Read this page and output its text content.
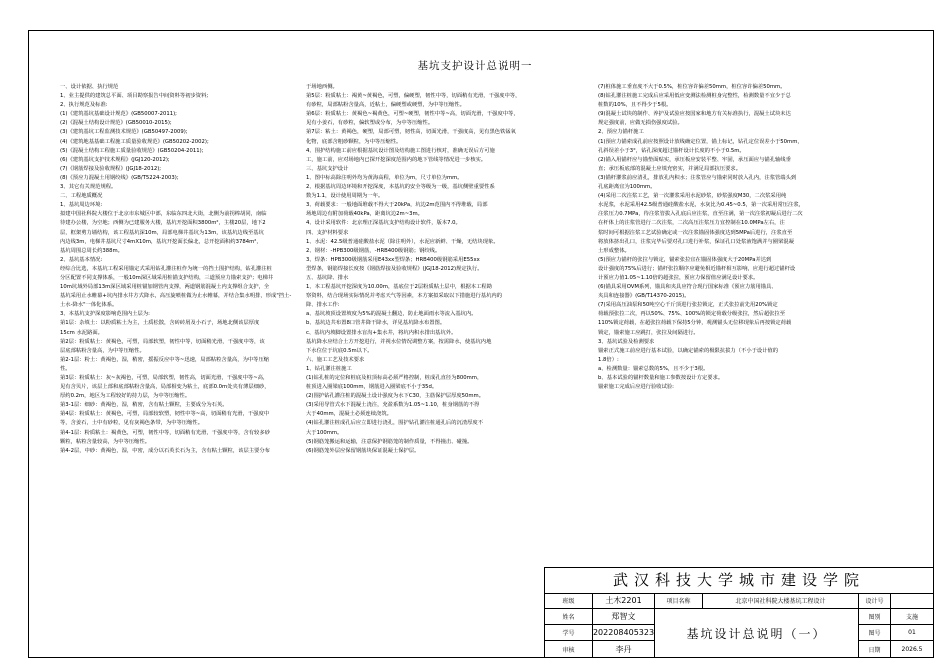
基坑支护设计总说明一

一、设计依据、执行规范

1、业主提供的建筑总平面、项目勘察报告中间资料等初步资料;

2、执行规范及标准:

(1)《建筑基坑基础设计规范》(GB50007-2011);

(2)《混凝土结构设计规范》(GB50010-2015);

(3)《建筑基坑工程监测技术规范》(GB50497-2009);

(4)《建筑地基基础工程施工质量验收规范》(GB50202-2002);

(5)《混凝土结构工程施工质量验收规范》(GB50204-2011);

(6)《建筑基坑支护技术规程》(JGJ120-2012);

(7)《钢筋焊接及验收规程》(JGJ18-2012);

(8)《预应力混凝土用钢绞线》(GB/T5224-2003);

3、其它有关规范规程。

二、工程地质概况

1、基坑周边环境:

拟建中国社科院大楼位于北京市东城区中部，东临东四北大街，北侧为前拐棒胡同，南临

待建办公楼，为空地；西侧为已建服务大楼，基坑开挖面积3800m²，主楼20层，地下2

层，框架剪力墙结构，该工程基坑深10m，局部电梯井基坑为13m，该基坑边线至基坑

内边线3m，电梯井基坑尺寸4mX10m，基坑开挖面长偏北，总开挖面积约3784m²，

基坑周围总周长约388m。

2、基坑基本情况:

经综合比选，本基坑工程采用锚定式采用钻孔灌注桩作为统一的挡土围护结构，钻孔灌注桩

分区配置不同支撑体系，一般10m深区域采用桩锚支护结构，三道预应力锚索支护；电梯井

10m坑域外局部13m深区域采用桩锚加钢管内支撑，两道钢筋混凝土内支撑组合支护，全

基坑采用止水帷幕+坑内排水井方式降水，高压旋喷桩做为止水帷幕，并结合集水明排，形成"挡土-

土水-降水"一体化体系。

3、本基坑支护深度影响范围内土层为:

第1层：杂填土：以粉质粘土为主，土质松散，含砖砖屑及小石子，场地北侧该层厚度

15cm 水泥路面。

第2层：粉质粘土：黄褐色，可塑，局部软塑，韧性中等，切面稍光滑，干强度中等，该

层底部粘粉含量高，为中等压缩性。

第2-1层：粉土：黄褐色，湿，稍密，摇振反应中等~迅速，局部粘粒含量高，为中等压缩

性。

第3层：粉质粘土：灰~灰褐色，可塑，局部软塑，韧性高，切面光滑，干强度中等~高，

见有含贝片，该层上部和底部粘粉含量高，局部相变为粘土，底部0.0m处夹有薄层细砂，

厚约0.2m，地区为工程较好的持力层，为中等压缩性。

第3-1层：细砂：黄褐色，湿，稍密，含有粘土颗粒，主要成分为石英。

第4层：粉质粘土：黄褐色，可塑，局部较软塑，韧性中等~高，切面稍有光滑，干强度中

等，含姜石，土中有砂粒，见有灰褐色条带，为中等压缩性。

第4-1层：粉质粘土：褐黄色，可塑，韧性中等，切面稍有光滑，干强度中等，含有较多砂

颗粒，粘粒含量较高，为中等压缩性。

第4-2层，中砂：黄褐色，湿，中密，成分以石英长石为主，含有粘土颗粒，该层主要分布

于场地西侧。

第5层：粉质粘土：褐黄~黄褐色，可塑，偏硬塑，韧性中等，切面稍有光滑，干强度中等，

有砂粒，局部粘粉含量高，近粘土，偏硬塑或硬塑，为中等压缩性。

第6层：粉质粘土：黄褐色~褐黄色，可塑~硬塑，韧性中等~高，切面光滑，干强度中等，

见有小姜石，有砂粒，偏软塑或分布，为中等压缩性。

第7层：粘土：黄褐色，硬塑，局部可塑，韧性高，切面光滑，干强度高，见有黑色铁锰氧

化物，底部含粗砂颗粒，为中等压缩性。

4、围护结构施工前应根据基坑设计图及结构施工图进行核对，准确无误后方可施

工，施工前，应对场地内已探开挖深度范围内的地下管线等情况进一步核实。

三、基坑支护设计

1、图中标高除注明外均为黄海高程，单位为m，尺寸单位为mm。

2、根据基坑周边环境和开挖深度，本基坑的安全等级为一级，基坑侧壁重要性系

数为1.1，设计使用周期为一年。

3、荷载要求：一般地面堆载不得大于20kPa，坑边2m范围内不得堆载，局部

场地周边有附加荷载40kPa，距离坑边2m~3m。

4、设计采用软件：北京理正深基坑支护结构设计软件，版本7.0。

四、支护材料要求

1、水泥：42.5级普通硅酸盐水泥（除注明外），水泥应新鲜、干燥，无结块现象。

2、钢材：-HPB300级钢筋，-HRB400级钢筋；钢绞线。

3、焊条：HPB300级钢筋采用E43xx型焊条；HRB400级钢筋采用E55xx

型焊条，钢筋焊接长度按《钢筋焊接及验收规程》(JGJ18-2012)规定执行。

五、基坑降、排水

1、本工程基坑开挖深度为10.00m，基底位于2层粉质粘土层中，根据本工程勘

察资料，结合现场实际情况并考虑天气等因素，本方案拟采取以下措施进行基坑内的

降、排水工作:

a、基坑坡顶设置坡度为5%的混凝土翻边，防止地面雨水等流入基坑内。

b、基坑边共布置8口管井降干降水，详见基坑降水布置图。

c、基坑内坡脚设置排水盲沟+集水井，将坑内积水排出基坑外。

基坑降水应结合土方开挖进行，并视水位情况调整方案，按需降水，使基坑内地

下水位位于坑底0.5m以下。

六、施工工艺及技术要求

1、钻孔灌注桩施工

(1)钻孔桩的定位和桩底及桩顶标高必须严格控制，桩成孔直径为800mm，

桩顶进入圈梁底100mm，钢筋进入圈梁底不小于35d。

(2)围护钻孔灌注桩的混凝土设计强度为水下C30，主筋保护层厚度50mm。

(3)采用导管式水下混凝土浇注，充盈系数为1.05~1.10，桩身钢筋的不得

大于40mm，混凝土必须连续浇筑。

(4)钻孔灌注桩成孔后应立即进行浇孔，围护钻孔灌注桩通孔后的沉渣厚度不

大于100mm。

(5)钢筋笼搬运和运输，注意保护钢筋笼的制作质量，不得撞击、碰撞。

(6)钢筋笼外层应保留钢筋块保证混凝土保护层。

(7)桩体施工垂直度不大于0.5%，桩位容许偏差50mm，桩位容许偏差50mm。

(8)钻孔灌注桩施工完成后应采用低应变测法检测桩身完整性，检测数量不宜少于总

桩数的10%，且不得少于5根。

(9)混凝土试块的制作、养护及试验应按国家和地方有关标准执行，混凝土试块未达

规定强度前，应做无损伤强度试验。

2、预应力锚杆施工

(1)预应力锚索成孔前应按照设计放线确定位置，锚上标记，钻孔定位误差小于50mm，

孔斜误差小于3°，钻孔深度超过锚杆设计长度的不小于0.5m。

(2)锚入用锚杆应与锚垫面贴实，承压板应安装平整、牢固，承压面应与锚孔轴线垂

直；承压板底部的混凝土应填充密实，并满足局部抗压要求。

(3)锚杆灌浆前应清孔，排放孔内积水；注浆管应与锚索同时放入孔内，注浆管端头到

孔底距离宜为100mm。

(4)采用二次注浆工艺，第一次灌浆采用水泥砂浆，砂浆强度M30，二次浆采用纯

水泥浆，水泥采用42.5级普通硅酸盐水泥，水灰比为0.45~0.5，第一次采用常压注浆，

注浆压力0.7MPa，待注浆管拔入孔底后应注浆，直至注满，第一次注浆初凝后进行二次

在杆体上的注浆管进行二次注浆，二次高压注浆压力宜控制在10.0MPa左右，注

浆时间可根据注浆工艺试验确定或一次注浆锚固体强度达到5MPa后进行，注浆直至

将放体挤出孔口，注浆完毕后要对孔口进行补浆，保证孔口处浆液饱满并与圈梁混凝

土形成整体。

(5)预应力锚杆的张拉与锁定，锚索张拉宜在锚固体强度大于20MPa并达到

设计强度的75%后进行；锚杆张拉顺序应避免相近锚杆相互影响，应进行超过锚杆设

计预应力值1.05~1.10倍的超张拉，预应力保留值应满足设计要求。

(6)锚具采用OVM系列，锚具和夹具应符合现行国家标准《预应力筋用锚具、

夹具和连接器》(GB/T14370-2015)。

(7)采用高压油泵和50吨空心千斤顶进行张拉锁定，正式张拉前先用20%锁定

荷载预张拉二次，再以50%、75%、100%的锁定荷载分级张拉，然后超张拉至

110%锁定荷载，在超张拉荷载下保持5分钟，观测锚头无位移现象后再按锁定荷载

锁定，锚索施工应跳打，张拉及间隔进行。

3、基坑试验及检测要求

锚索正式施工前应进行基本试验，以确定锚索的极限抗拔力（不小于设计值的

1.8倍）:

a、检测数量：锚索总数的5%，且不少于3根。

b、基本试验的锚杆数量和施工参数按设计方定要求。

锚索施工完成后应进行验收试验:

武汉科技大学城市建设学院
班级	土木2201	项目名称	北京中国社科院大楼基坑工程设计	设计号
姓名	郑智文	图别	支施
学号	202208405323	基坑设计总说明（一）	图号	01
审核	李丹	日期	2026.5
